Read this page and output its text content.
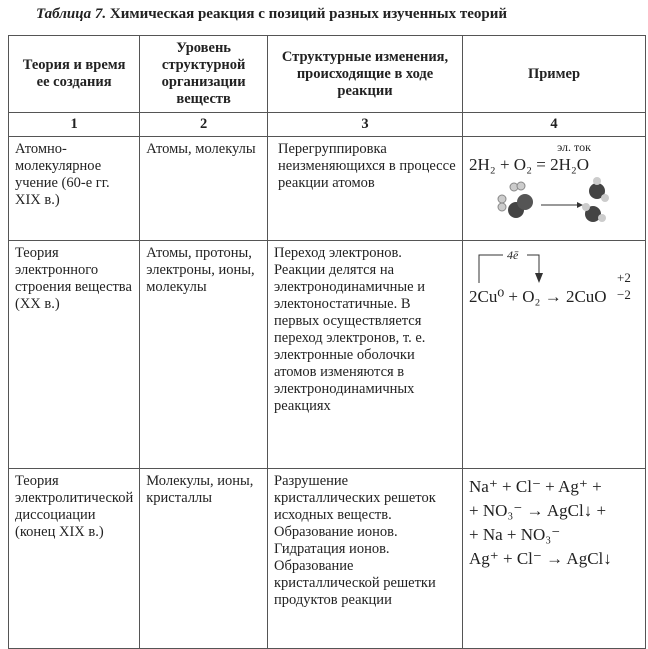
Таблица 7. Химическая реакция с позиций разных изученных теорий
Теория и время ее создания	Уровень структурной организации веществ	Структурные изменения, происходящие в ходе реакции	Пример
1	2	3	4
Атомно-молекулярное учение (60-е гг. XIX в.)	Атомы, молекулы	Перегруппировка неизменяющихся в процессе реакции атомов	эл. ток
2H₂ + O₂ = 2H₂O

Теория электронного строения вещества (XX в.)	Атомы, протоны, электроны, ионы, молекулы	Переход электронов. Реакции делятся на электронодинамичные и электоностатичные. В первых осуществляется переход электронов, т. е. электронные оболочки атомов изменяются в электронодинамичных реакциях	4ē
+2 −2
2Cu⁰ + O₂ → 2CuO

Теория электролитической диссоциации (конец XIX в.)	Молекулы, ионы, кристаллы	Разрушение кристаллических решеток исходных веществ. Образование ионов. Гидратация ионов. Образование кристаллической решетки продуктов реакции	Na⁺ + Cl⁻ + Ag⁺ +
+ NO₃⁻ → AgCl↓ +
+ Na + NO₃⁻
Ag⁺ + Cl⁻ → AgCl↓
